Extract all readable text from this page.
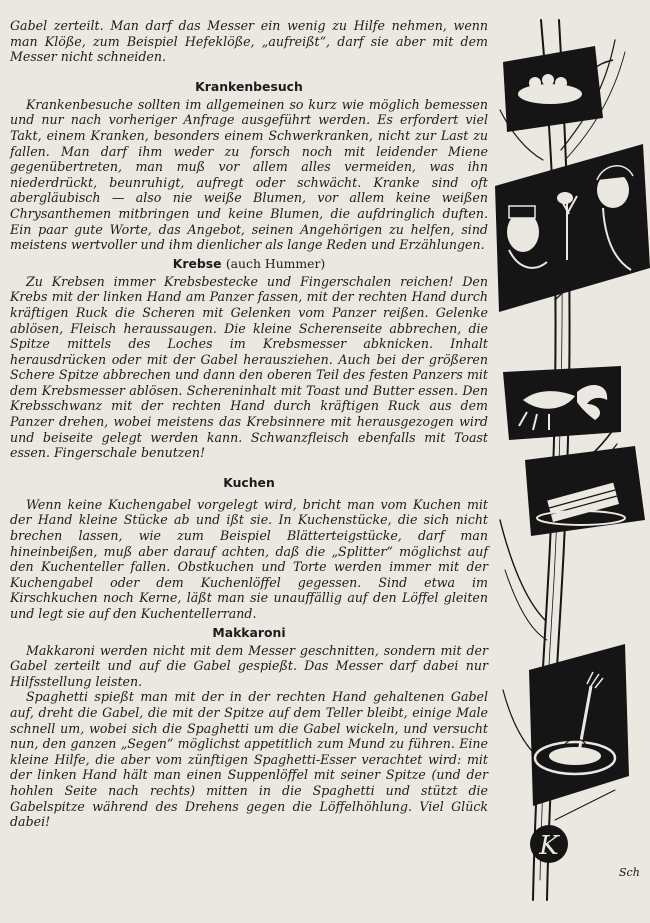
Gabel zerteilt. Man darf das Messer ein wenig zu Hilfe nehmen, wenn man Klöße, zum Beispiel Hefeklöße, „aufreißt“, darf sie aber mit dem Messer nicht schneiden.

Krankenbesuch

Krankenbesuche sollten im allgemeinen so kurz wie möglich bemessen und nur nach vorheriger Anfrage ausgeführt werden. Es erfordert viel Takt, einem Kranken, besonders einem Schwerkranken, nicht zur Last zu fallen. Man darf ihm weder zu forsch noch mit leidender Miene gegenübertreten, man muß vor allem alles vermeiden, was ihn niederdrückt, beunruhigt, aufregt oder schwächt. Kranke sind oft abergläubisch — also nie weiße Blumen, vor allem keine weißen Chrysanthemen mitbringen und keine Blumen, die aufdringlich duften. Ein paar gute Worte, das Angebot, seinen Angehörigen zu helfen, sind meistens wertvoller und ihm dienlicher als lange Reden und Erzählungen.

Krebse (auch Hummer)

Zu Krebsen immer Krebsbestecke und Fingerschalen reichen! Den Krebs mit der linken Hand am Panzer fassen, mit der rechten Hand durch kräftigen Ruck die Scheren mit Gelenken vom Panzer reißen. Gelenke ablösen, Fleisch heraussaugen. Die kleine Scherenseite abbrechen, die Spitze mittels des Loches im Krebsmesser abknicken. Inhalt herausdrücken oder mit der Gabel herausziehen. Auch bei der größeren Schere Spitze abbrechen und dann den oberen Teil des festen Panzers mit dem Krebsmesser ablösen. Schereninhalt mit Toast und Butter essen. Den Krebsschwanz mit der rechten Hand durch kräftigen Ruck aus dem Panzer drehen, wobei meistens das Krebsinnere mit herausgezogen wird und beiseite gelegt werden kann. Schwanzfleisch ebenfalls mit Toast essen. Fingerschale benutzen!

Kuchen

Wenn keine Kuchengabel vorgelegt wird, bricht man vom Kuchen mit der Hand kleine Stücke ab und ißt sie. In Kuchenstücke, die sich nicht brechen lassen, wie zum Beispiel Blätterteigstücke, darf man hineinbeißen, muß aber darauf achten, daß die „Splitter“ möglichst auf den Kuchenteller fallen. Obstkuchen und Torte werden immer mit der Kuchengabel oder dem Kuchenlöffel gegessen. Sind etwa im Kirschkuchen noch Kerne, läßt man sie unauffällig auf den Löffel gleiten und legt sie auf den Kuchentellerrand.

Makkaroni

Makkaroni werden nicht mit dem Messer geschnitten, sondern mit der Gabel zerteilt und auf die Gabel gespießt. Das Messer darf dabei nur Hilfsstellung leisten.

Spaghetti spießt man mit der in der rechten Hand gehaltenen Gabel auf, dreht die Gabel, die mit der Spitze auf dem Teller bleibt, einige Male schnell um, wobei sich die Spaghetti um die Gabel wickeln, und versucht nun, den ganzen „Segen“ möglichst appetitlich zum Mund zu führen. Eine kleine Hilfe, die aber vom zünftigen Spaghetti-Esser verachtet wird: mit der linken Hand hält man einen Suppenlöffel mit seiner Spitze (und der hohlen Seite nach rechts) mitten in die Spaghetti und stützt die Gabelspitze während des Drehens gegen die Löffelhöhlung. Viel Glück dabei!

K
Sch
